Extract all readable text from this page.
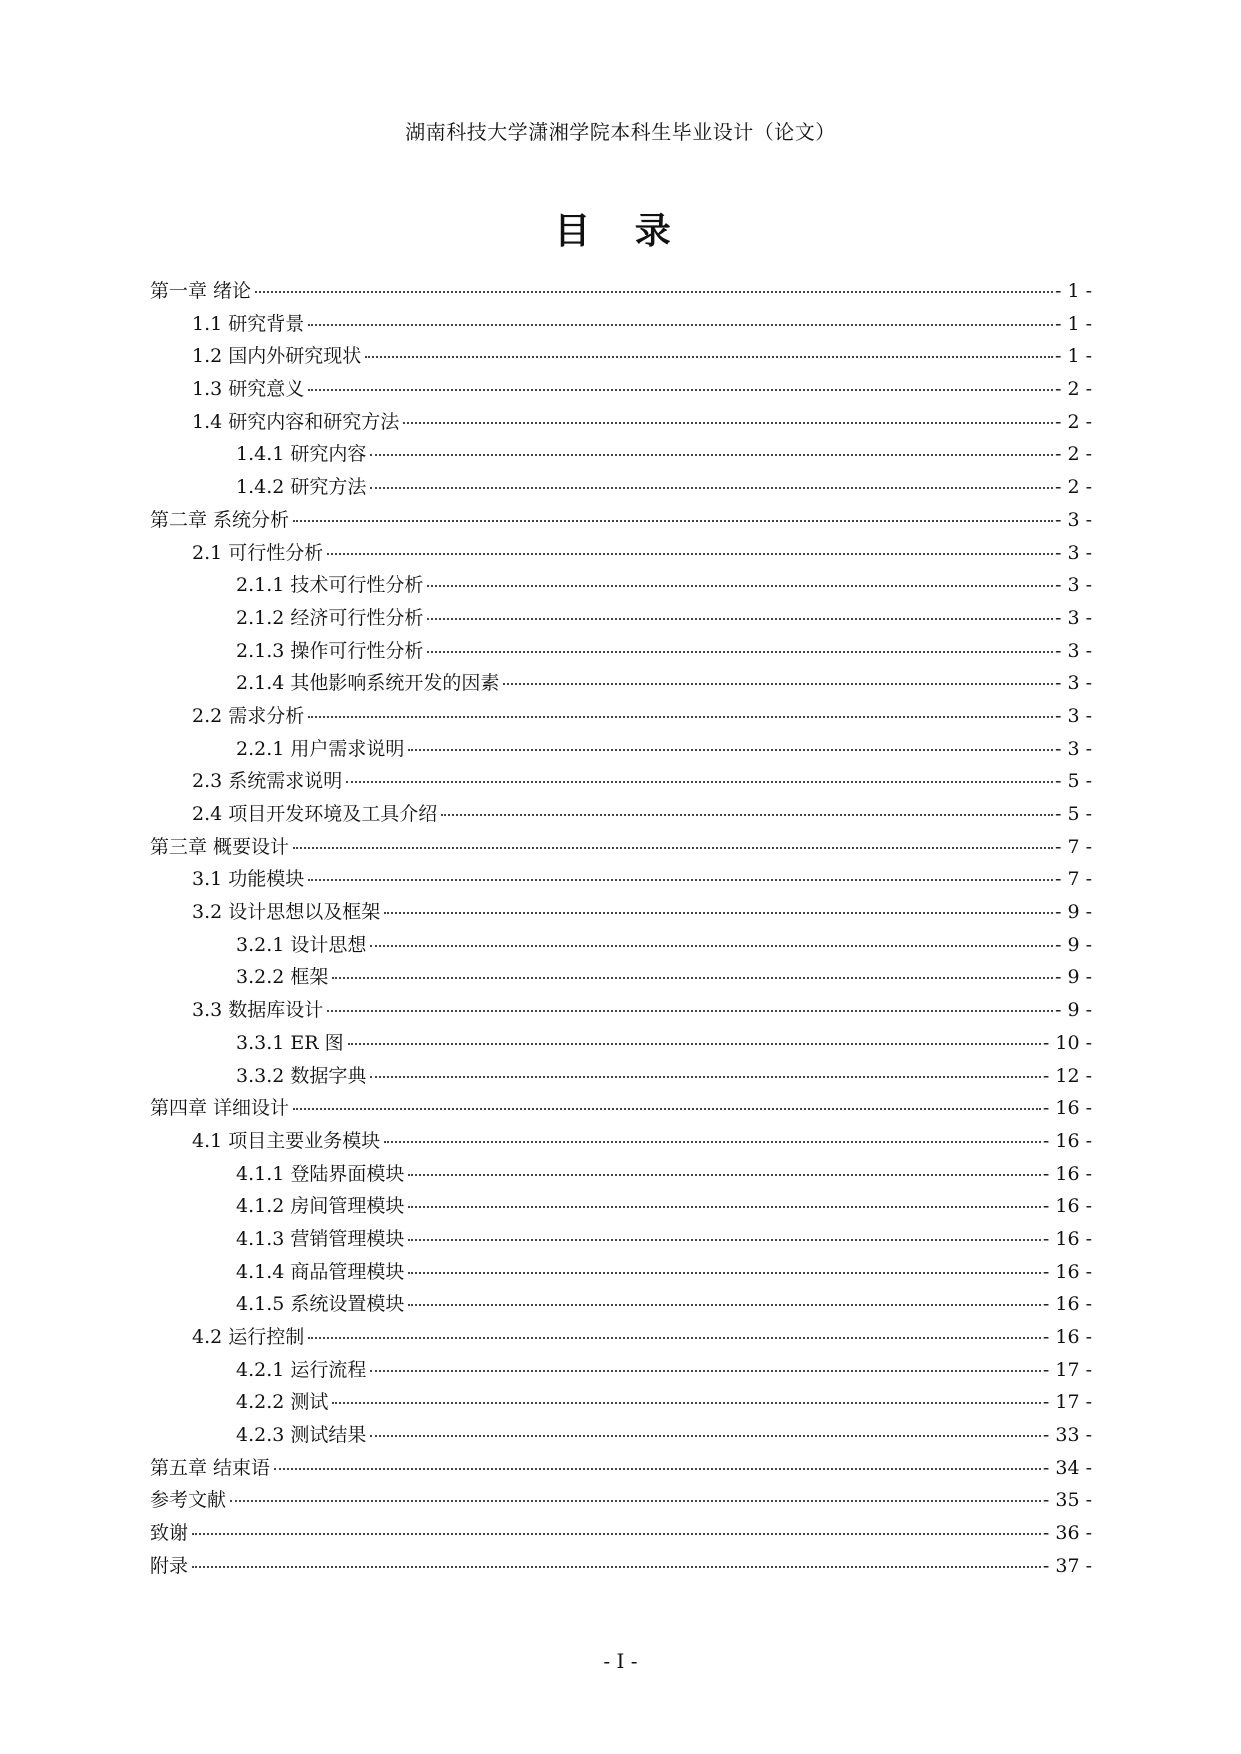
湖南科技大学潇湘学院本科生毕业设计（论文）
目 录
第一章 绪论	- 1 -
1.1 研究背景	- 1 -
1.2 国内外研究现状	- 1 -
1.3 研究意义	- 2 -
1.4 研究内容和研究方法	- 2 -
1.4.1 研究内容	- 2 -
1.4.2 研究方法	- 2 -
第二章 系统分析	- 3 -
2.1 可行性分析	- 3 -
2.1.1 技术可行性分析	- 3 -
2.1.2 经济可行性分析	- 3 -
2.1.3 操作可行性分析	- 3 -
2.1.4 其他影响系统开发的因素	- 3 -
2.2 需求分析	- 3 -
2.2.1 用户需求说明	- 3 -
2.3 系统需求说明	- 5 -
2.4 项目开发环境及工具介绍	- 5 -
第三章 概要设计	- 7 -
3.1 功能模块	- 7 -
3.2 设计思想以及框架	- 9 -
3.2.1 设计思想	- 9 -
3.2.2 框架	- 9 -
3.3 数据库设计	- 9 -
3.3.1 ER 图	- 10 -
3.3.2 数据字典	- 12 -
第四章 详细设计	- 16 -
4.1 项目主要业务模块	- 16 -
4.1.1 登陆界面模块	- 16 -
4.1.2 房间管理模块	- 16 -
4.1.3 营销管理模块	- 16 -
4.1.4 商品管理模块	- 16 -
4.1.5 系统设置模块	- 16 -
4.2 运行控制	- 16 -
4.2.1 运行流程	- 17 -
4.2.2 测试	- 17 -
4.2.3 测试结果	- 33 -
第五章 结束语	- 34 -
参考文献	- 35 -
致谢	- 36 -
附录	- 37 -
- I -
